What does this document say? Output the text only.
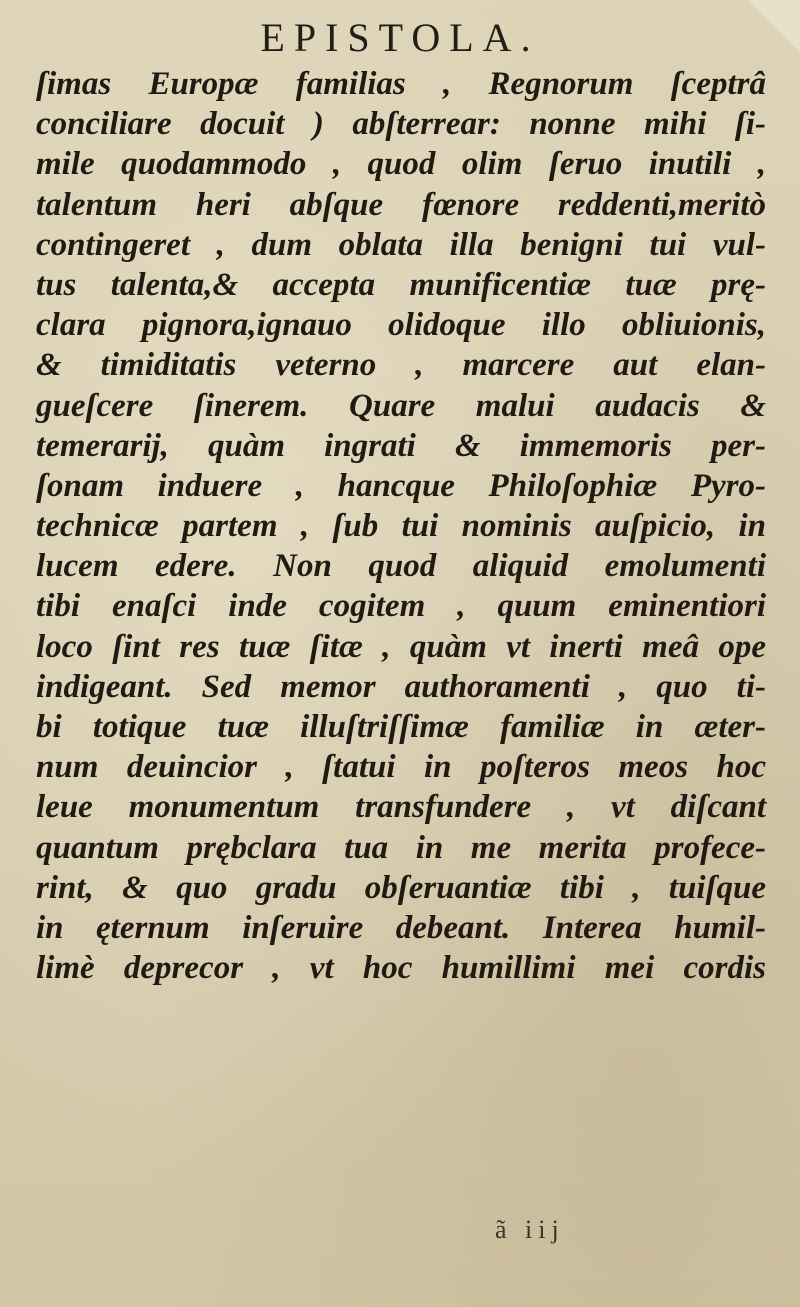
EPISTOLA.
ſimas Europæ familias , Regnorum ſceptrâ
conciliare docuit ) abſterrear: nonne mihi ſi-
mile quodammodo , quod olim ſeruo inutili ,
talentum heri abſque fœnore reddenti,meritò
contingeret , dum oblata illa benigni tui vul-
tus talenta,& accepta munificentiæ tuæ prę-
clara pignora,ignauo olidoque illo obliuionis,
& timiditatis veterno , marcere aut elan-
gueſcere ſinerem. Quare malui audacis &
temerarij, quàm ingrati & immemoris per-
ſonam induere , hancque Philoſophiæ Pyro-
technicæ partem , ſub tui nominis auſpicio, in
lucem edere. Non quod aliquid emolumenti
tibi enaſci inde cogitem , quum eminentiori
loco ſint res tuæ ſitæ , quàm vt inerti meâ ope
indigeant. Sed memor authoramenti , quo ti-
bi totique tuæ illuſtriſſimæ familiæ in æter-
num deuincior , ſtatui in poſteros meos hoc
leue monumentum transfundere , vt diſcant
quantum prębclara tua in me merita profece-
rint, & quo gradu obſeruantiæ tibi , tuiſque
in ęternum inſeruire debeant. Interea humil-
limè deprecor , vt hoc humillimi mei cordis
ã iij
